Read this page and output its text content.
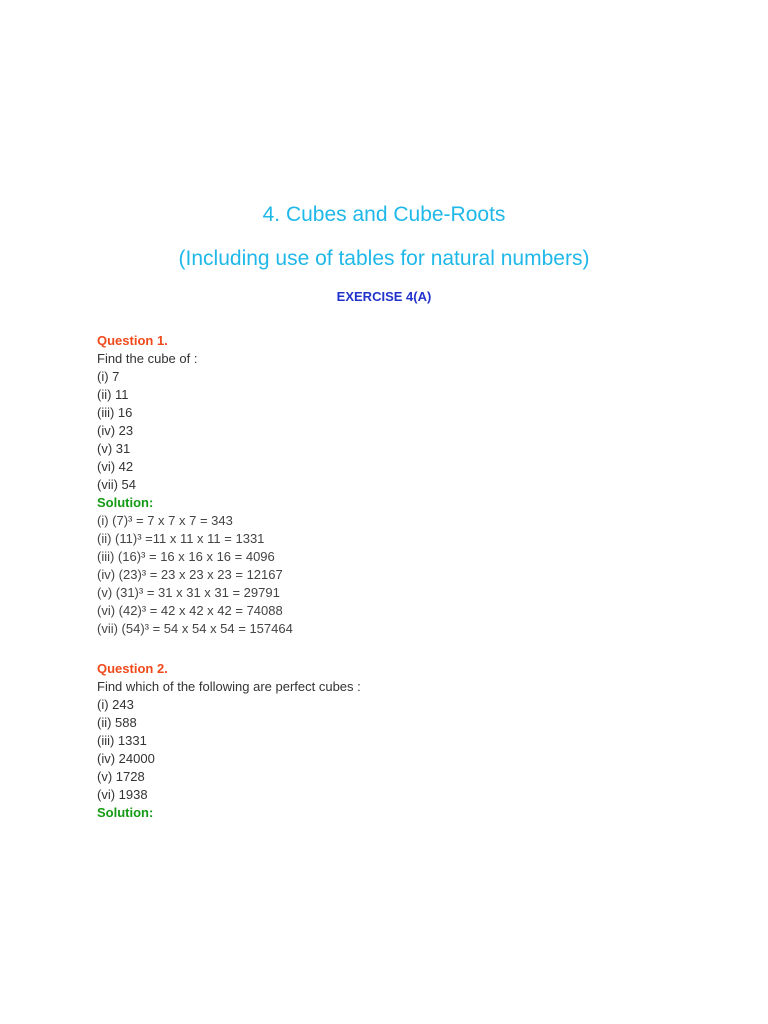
4. Cubes and Cube-Roots
(Including use of tables for natural numbers)
EXERCISE 4(A)
Question 1.
Find the cube of :
(i) 7
(ii) 11
(iii) 16
(iv) 23
(v) 31
(vi) 42
(vii) 54
Solution:
(i) (7)³ = 7 x 7 x 7 = 343
(ii) (11)³ =11 x 11 x 11 = 1331
(iii) (16)³ = 16 x 16 x 16 = 4096
(iv) (23)³ = 23 x 23 x 23 = 12167
(v) (31)³ = 31 x 31 x 31 = 29791
(vi) (42)³ = 42 x 42 x 42 = 74088
(vii) (54)³ = 54 x 54 x 54 = 157464
Question 2.
Find which of the following are perfect cubes :
(i) 243
(ii) 588
(iii) 1331
(iv) 24000
(v) 1728
(vi) 1938
Solution:
